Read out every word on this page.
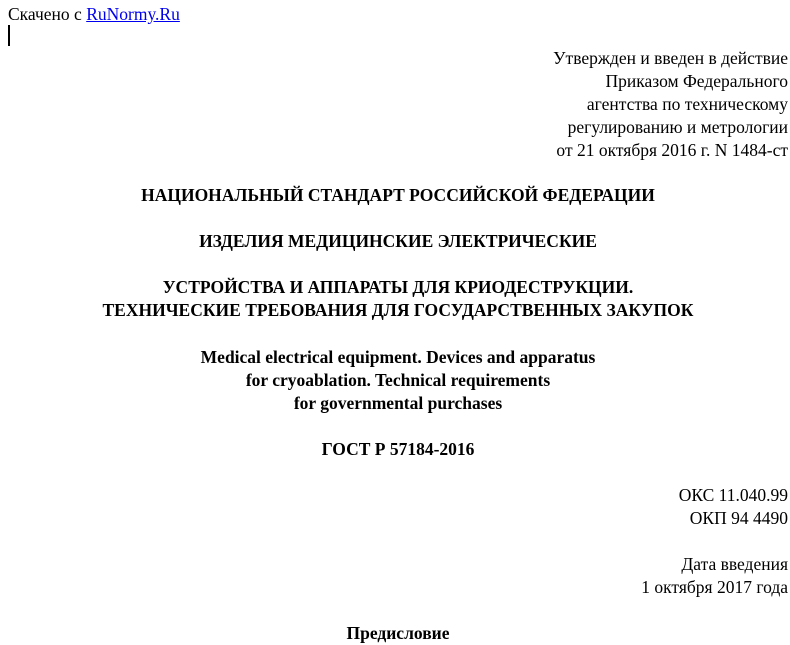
Скачено с RuNormy.Ru
Утвержден и введен в действие
Приказом Федерального
агентства по техническому
регулированию и метрологии
от 21 октября 2016 г. N 1484-ст
НАЦИОНАЛЬНЫЙ СТАНДАРТ РОССИЙСКОЙ ФЕДЕРАЦИИ
ИЗДЕЛИЯ МЕДИЦИНСКИЕ ЭЛЕКТРИЧЕСКИЕ
УСТРОЙСТВА И АППАРАТЫ ДЛЯ КРИОДЕСТРУКЦИИ.
ТЕХНИЧЕСКИЕ ТРЕБОВАНИЯ ДЛЯ ГОСУДАРСТВЕННЫХ ЗАКУПОК
Medical electrical equipment. Devices and apparatus
for cryoablation. Technical requirements
for governmental purchases
ГОСТ Р 57184-2016
ОКС 11.040.99
ОКП 94 4490
Дата введения
1 октября 2017 года
Предисловие
